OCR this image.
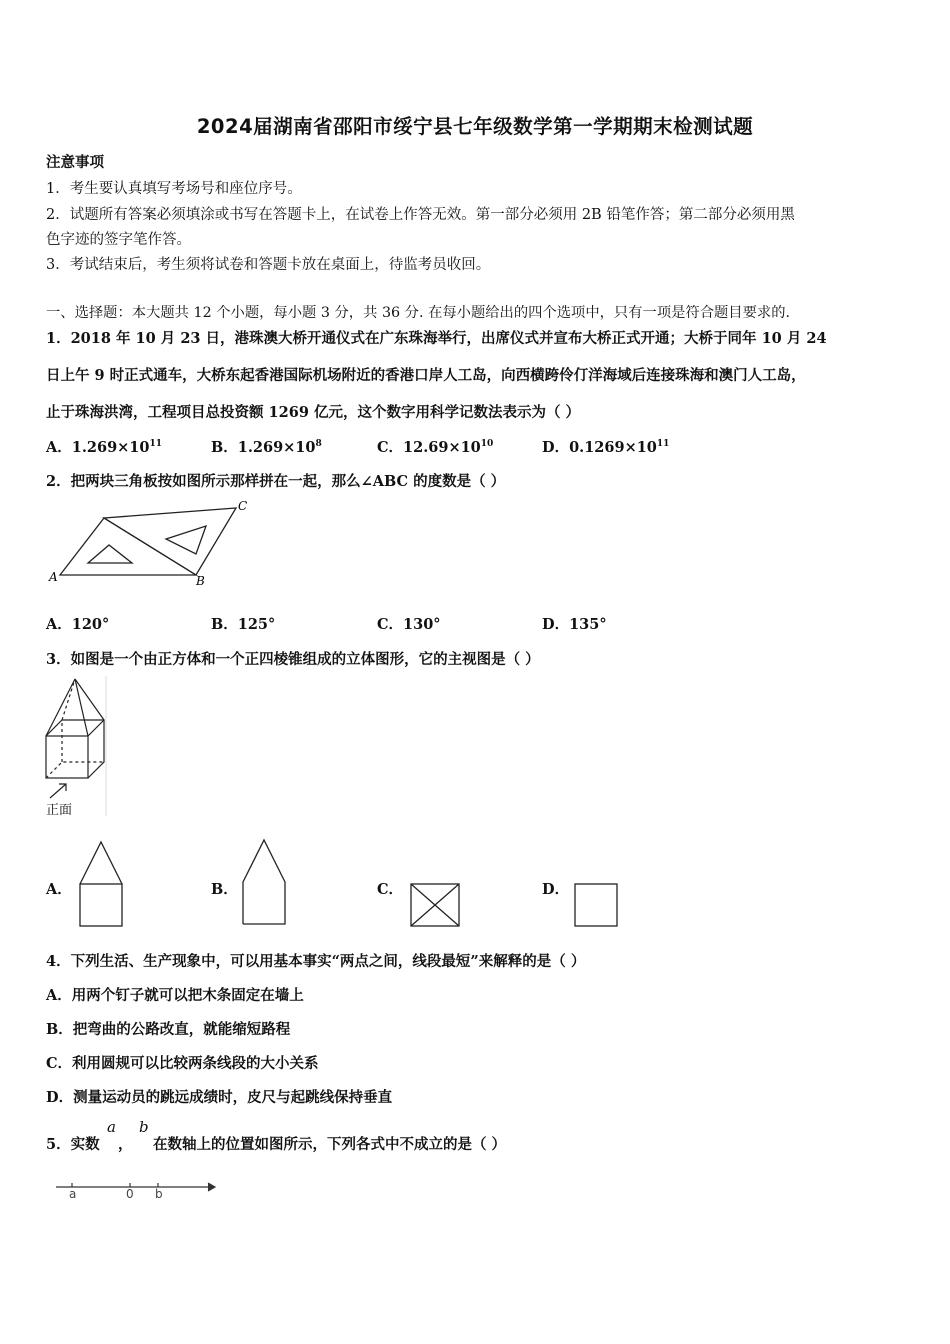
2024届湖南省邵阳市绥宁县七年级数学第一学期期末检测试题
注意事项
1．考生要认真填写考场号和座位序号。
2．试题所有答案必须填涂或书写在答题卡上，在试卷上作答无效。第一部分必须用 2B 铅笔作答；第二部分必须用黑
色字迹的签字笔作答。
3．考试结束后，考生须将试卷和答题卡放在桌面上，待监考员收回。
一、选择题：本大题共 12 个小题，每小题 3 分，共 36 分. 在每小题给出的四个选项中，只有一项是符合题目要求的.
1．2018 年 10 月 23 日，港珠澳大桥开通仪式在广东珠海举行，出席仪式并宣布大桥正式开通；大桥于同年 10 月 24
日上午 9 时正式通车，大桥东起香港国际机场附近的香港口岸人工岛，向西横跨伶仃洋海域后连接珠海和澳门人工岛，
止于珠海洪湾，工程项目总投资额 1269 亿元，这个数字用科学记数法表示为（ ）
A．$1.269\times 10^{11}$	B．$1.269\times 10^8$	C．$12.69\times 10^{10}$	D．$0.1269\times 10^{11}$
2．把两块三角板按如图所示那样拼在一起，那么∠ABC 的度数是（ ）
A	B
C
A．120°	B．125°	C．130°	D．135°
3．如图是一个由正方体和一个正四棱锥组成的立体图形，它的主视图是（ ）
正面
A．	B．	C．	D．
4．下列生活、生产现象中，可以用基本事实“两点之间，线段最短”来解释的是（ ）
A．用两个钉子就可以把木条固定在墙上
B．把弯曲的公路改直，就能缩短路程
C．利用圆规可以比较两条线段的大小关系
D．测量运动员的跳远成绩时，皮尺与起跳线保持垂直
5．实数
a
，
b
在数轴上的位置如图所示，下列各式中不成立的是（ ）
a	0 b
